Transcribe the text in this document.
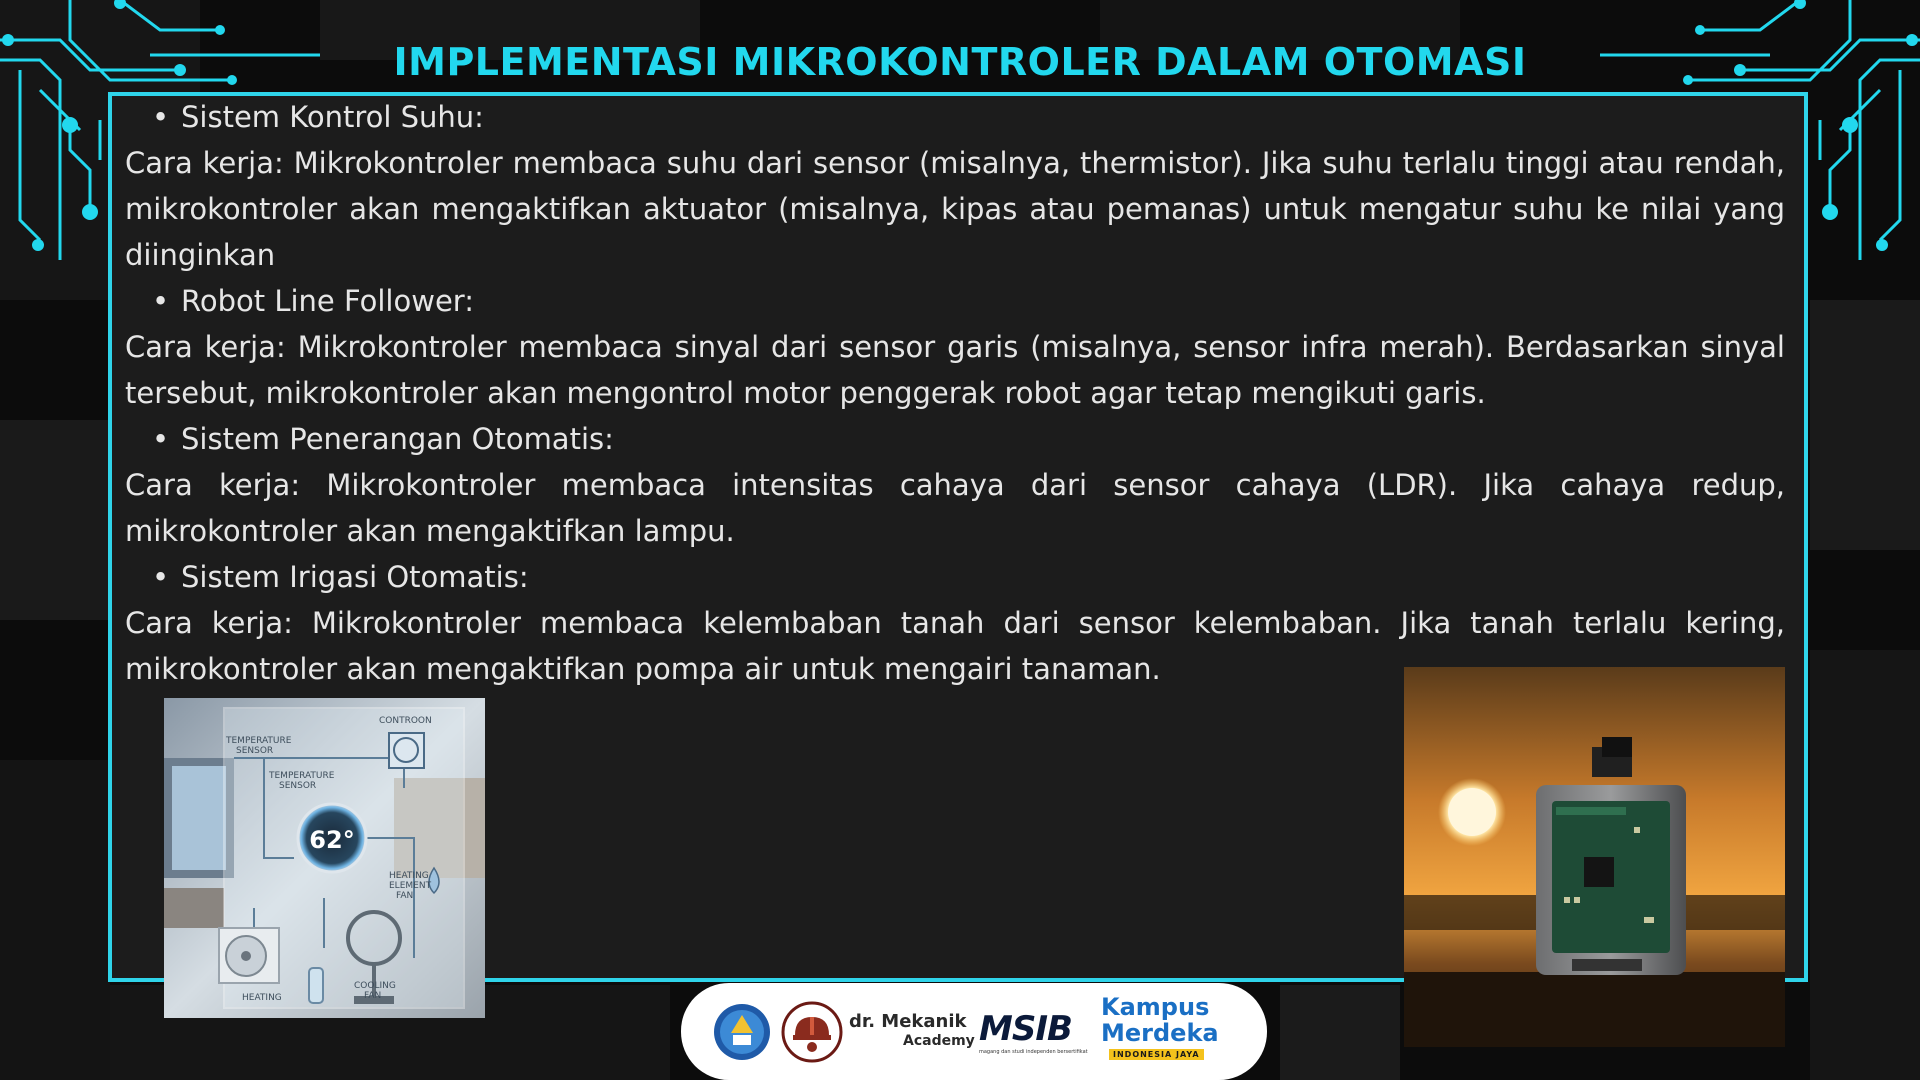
IMPLEMENTASI MIKROKONTROLER DALAM OTOMASI
• Sistem Kontrol Suhu:
Cara kerja: Mikrokontroler membaca suhu dari sensor (misalnya, thermistor). Jika suhu terlalu tinggi atau rendah, mikrokontroler akan mengaktifkan aktuator (misalnya, kipas atau pemanas) untuk mengatur suhu ke nilai yang diinginkan
• Robot Line Follower:
Cara kerja: Mikrokontroler membaca sinyal dari sensor garis (misalnya, sensor infra merah). Berdasarkan sinyal tersebut, mikrokontroler akan mengontrol motor penggerak robot agar tetap mengikuti garis.
• Sistem Penerangan Otomatis:
Cara kerja: Mikrokontroler membaca intensitas cahaya dari sensor cahaya (LDR). Jika cahaya redup, mikrokontroler akan mengaktifkan lampu.
• Sistem Irigasi Otomatis:
Cara kerja: Mikrokontroler membaca kelembaban tanah dari sensor kelembaban. Jika tanah terlalu kering, mikrokontroler akan mengaktifkan pompa air untuk mengairi tanaman.
62°
TEMPERATURE
SENSOR
TEMPERATURE
SENSOR
CONTROON
HEATING
ELEMENT
FAN
COOLING
FAN
HEATING
dr. Mekanik
Academy MSIB
magang dan studi independen bersertifikat
Kampus
Merdeka
INDONESIA JAYA
